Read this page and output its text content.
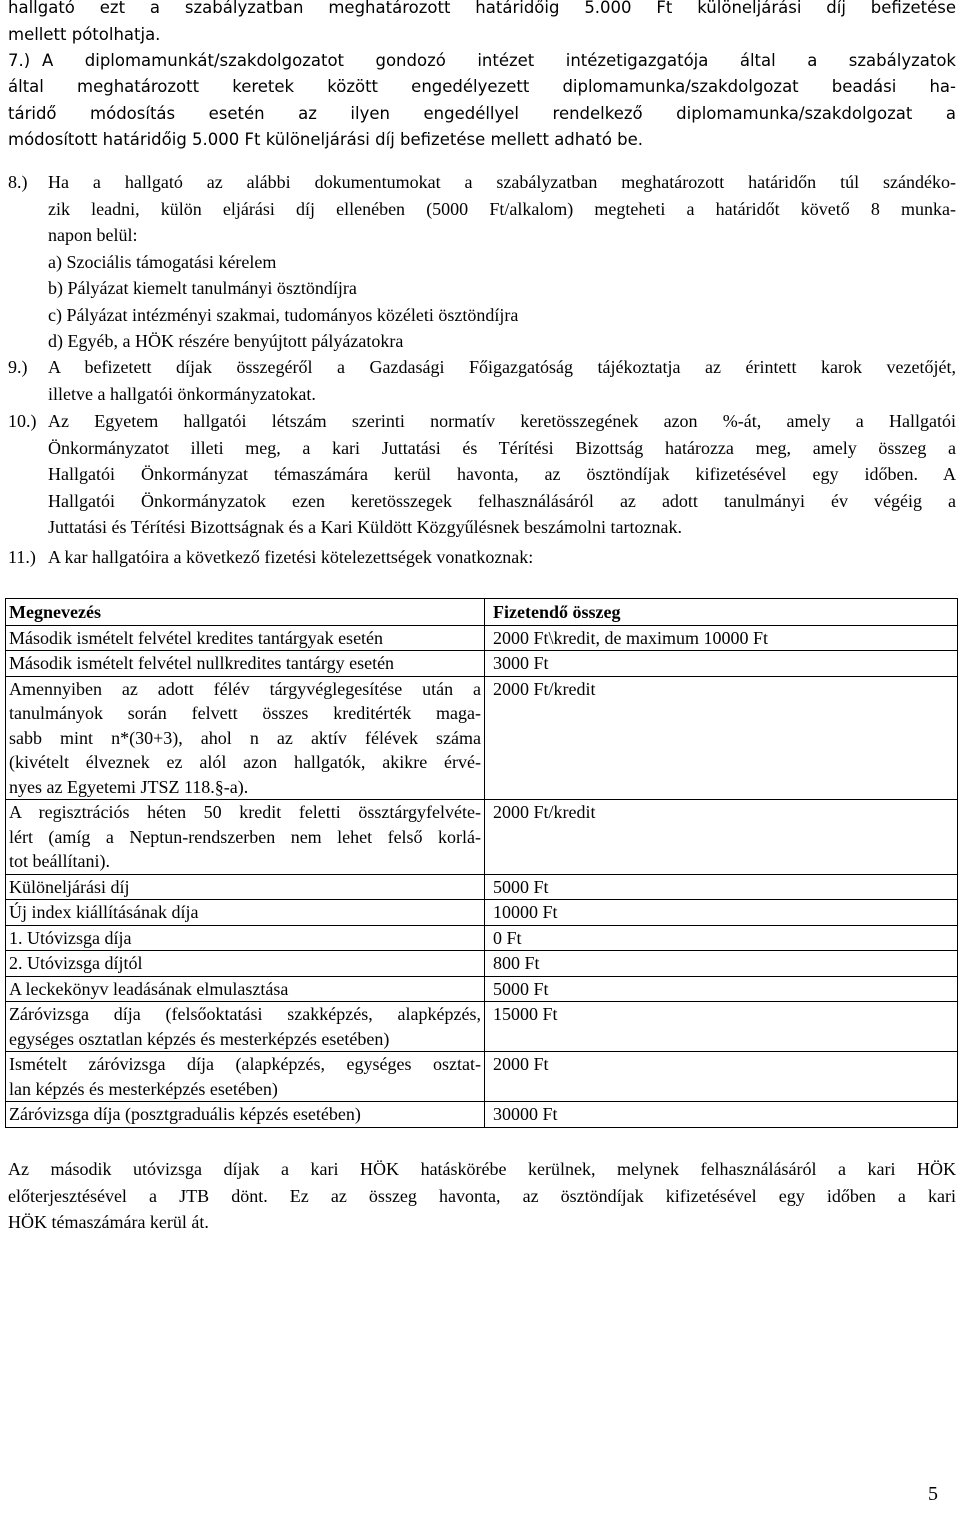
hallgató ezt a szabályzatban meghatározott határidőig 5.000 Ft különeljárási díj befizetése
mellett pótolhatja.
7.) A diplomamunkát/szakdolgozatot gondozó intézet intézetigazgatója által a szabályzatok
által meghatározott keretek között engedélyezett diplomamunka/szakdolgozat beadási ha-
táridő módosítás esetén az ilyen engedéllyel rendelkező diplomamunka/szakdolgozat a
módosított határidőig 5.000 Ft különeljárási díj befizetése mellett adható be.
8.) Ha a hallgató az alábbi dokumentumokat a szabályzatban meghatározott határidőn túl szándéko-
zik leadni, külön eljárási díj ellenében (5000 Ft/alkalom) megteheti a határidőt követő 8 munka-
napon belül:
a) Szociális támogatási kérelem
b) Pályázat kiemelt tanulmányi ösztöndíjra
c) Pályázat intézményi szakmai, tudományos közéleti ösztöndíjra
d) Egyéb, a HÖK részére benyújtott pályázatokra
9.) A befizetett díjak összegéről a Gazdasági Főigazgatóság tájékoztatja az érintett karok vezetőjét,
illetve a hallgatói önkormányzatokat.
10.) Az Egyetem hallgatói létszám szerinti normatív keretösszegének azon %-át, amely a Hallgatói
Önkormányzatot illeti meg, a kari Juttatási és Térítési Bizottság határozza meg, amely összeg a
Hallgatói Önkormányzat témaszámára kerül havonta, az ösztöndíjak kifizetésével egy időben. A
Hallgatói Önkormányzatok ezen keretösszegek felhasználásáról az adott tanulmányi év végéig a
Juttatási és Térítési Bizottságnak és a Kari Küldött Közgyűlésnek beszámolni tartoznak.
11.) A kar hallgatóira a következő fizetési kötelezettségek vonatkoznak:
Megnevezés	Fizetendő összeg

Második ismételt felvétel kredites tantárgyak esetén	2000 Ft\kredit, de maximum 10000 Ft

Második ismételt felvétel nullkredites tantárgy esetén	3000 Ft

Amennyiben az adott félév tárgyvéglegesítése után a
tanulmányok során felvett összes kreditérték maga-
sabb mint n*(30+3), ahol n az aktív félévek száma
(kivételt élveznek ez alól azon hallgatók, akikre érvé-
nyes az Egyetemi JTSZ 118.§-a).	2000 Ft/kredit

A regisztrációs héten 50 kredit feletti össztárgyfelvéte-
lért (amíg a Neptun-rendszerben nem lehet felső korlá-
tot beállítani).	2000 Ft/kredit

Különeljárási díj	5000 Ft

Új index kiállításának díja	10000 Ft

1. Utóvizsga díja	0 Ft

2. Utóvizsga díjtól	800 Ft

A leckekönyv leadásának elmulasztása	5000 Ft

Záróvizsga díja (felsőoktatási szakképzés, alapképzés,
egységes osztatlan képzés és mesterképzés esetében)	15000 Ft

Ismételt záróvizsga díja (alapképzés, egységes osztat-
lan képzés és mesterképzés esetében)	2000 Ft

Záróvizsga díja (posztgraduális képzés esetében)	30000 Ft
Az második utóvizsga díjak a kari HÖK hatáskörébe kerülnek, melynek felhasználásáról a kari HÖK
előterjesztésével a JTB dönt. Ez az összeg havonta, az ösztöndíjak kifizetésével egy időben a kari
HÖK témaszámára kerül át.
5
